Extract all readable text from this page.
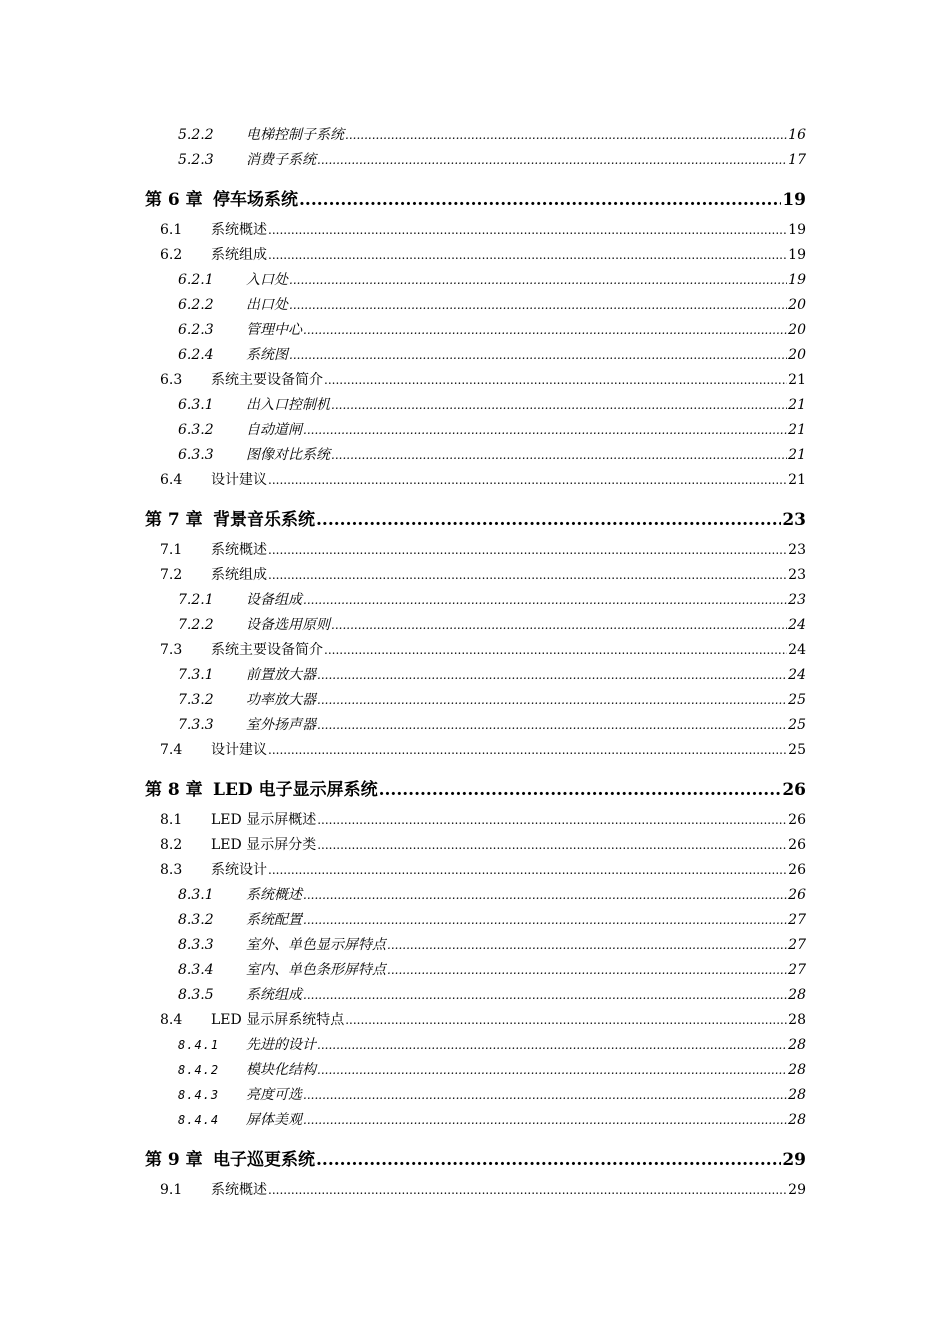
5.2.2	电梯控制子系统 .....	16
5.2.3	消费子系统 .....	17
第 6 章 停车场系统 .....	19
6.1	系统概述 .....	19
6.2	系统组成 .....	19
6.2.1	入口处 .....	19
6.2.2	出口处 .....	20
6.2.3	管理中心 .....	20
6.2.4	系统图 .....	20
6.3	系统主要设备简介 .....	21
6.3.1	出入口控制机 .....	21
6.3.2	自动道闸 .....	21
6.3.3	图像对比系统 .....	21
6.4	设计建议 .....	21
第 7 章 背景音乐系统 .....	23
7.1	系统概述 .....	23
7.2	系统组成 .....	23
7.2.1	设备组成 .....	23
7.2.2	设备选用原则 .....	24
7.3	系统主要设备简介 .....	24
7.3.1	前置放大器 .....	24
7.3.2	功率放大器 .....	25
7.3.3	室外扬声器 .....	25
7.4	设计建议 .....	25
第 8 章 LED 电子显示屏系统 .....	26
8.1	LED 显示屏概述 .....	26
8.2	LED 显示屏分类 .....	26
8.3	系统设计 .....	26
8.3.1	系统概述 .....	26
8.3.2	系统配置 .....	27
8.3.3	室外、单色显示屏特点 .....	27
8.3.4	室内、单色条形屏特点 .....	27
8.3.5	系统组成 .....	28
8.4	LED 显示屏系统特点 .....	28
8.4.1	先进的设计 .....	28
8.4.2	模块化结构 .....	28
8.4.3	亮度可选 .....	28
8.4.4	屏体美观 .....	28
第 9 章 电子巡更系统 .....	29
9.1	系统概述 .....	29
